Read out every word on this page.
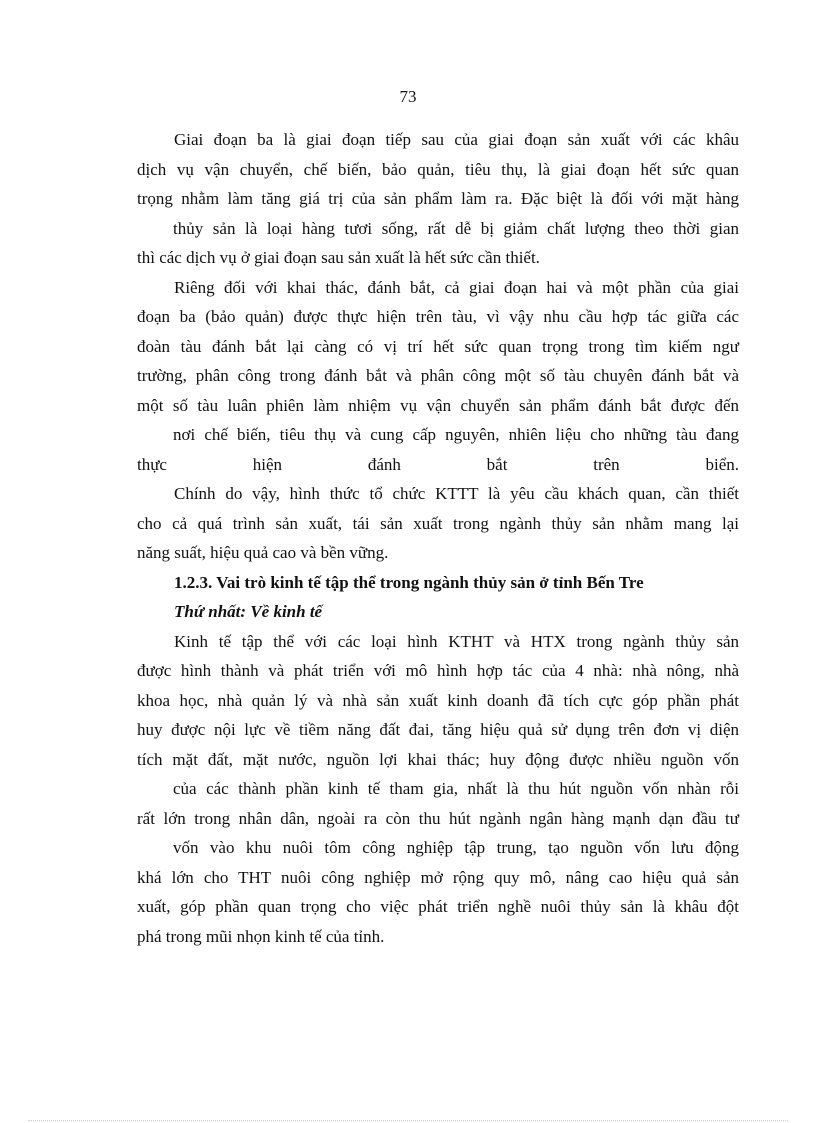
73
Giai đoạn ba là giai đoạn tiếp sau của giai đoạn sản xuất với các khâu
dịch vụ vận chuyển, chế biến, bảo quản, tiêu thụ, là giai đoạn hết sức quan
trọng nhằm làm tăng giá trị của sản phẩm làm ra. Đặc biệt là đối với mặt hàng
thủy sản là loại hàng tươi sống, rất dễ bị giảm chất lượng theo thời gian
thì các dịch vụ ở giai đoạn sau sản xuất là hết sức cần thiết.
Riêng đối với khai thác, đánh bắt, cả giai đoạn hai và một phần của giai
đoạn ba (bảo quản) được thực hiện trên tàu, vì vậy nhu cầu hợp tác giữa các
đoàn tàu đánh bắt lại càng có vị trí hết sức quan trọng trong tìm kiếm ngư
trường, phân công trong đánh bắt và phân công một số tàu chuyên đánh bắt và
một số tàu luân phiên làm nhiệm vụ vận chuyển sản phẩm đánh bắt được đến
nơi chế biến, tiêu thụ và cung cấp nguyên, nhiên liệu cho những tàu đang
thực hiện đánh bắt trên biển.
Chính do vậy, hình thức tổ chức KTTT là yêu cầu khách quan, cần thiết
cho cả quá trình sản xuất, tái sản xuất trong ngành thủy sản nhằm mang lại
năng suất, hiệu quả cao và bền vững.
1.2.3. Vai trò kinh tế tập thể trong ngành thủy sản ở tỉnh Bến Tre
Thứ nhất: Về kinh tế
Kinh tế tập thể với các loại hình KTHT và HTX trong ngành thủy sản
được hình thành và phát triển với mô hình hợp tác của 4 nhà: nhà nông, nhà
khoa học, nhà quản lý và nhà sản xuất kinh doanh đã tích cực góp phần phát
huy được nội lực về tiềm năng đất đai, tăng hiệu quả sử dụng trên đơn vị diện
tích mặt đất, mặt nước, nguồn lợi khai thác; huy động được nhiều nguồn vốn
của các thành phần kinh tế tham gia, nhất là thu hút nguồn vốn nhàn rỗi
rất lớn trong nhân dân, ngoài ra còn thu hút ngành ngân hàng mạnh dạn đầu tư
vốn vào khu nuôi tôm công nghiệp tập trung, tạo nguồn vốn lưu động
khá lớn cho THT nuôi công nghiệp mở rộng quy mô, nâng cao hiệu quả sản
xuất, góp phần quan trọng cho việc phát triển nghề nuôi thủy sản là khâu đột
phá trong mũi nhọn kinh tế của tỉnh.
